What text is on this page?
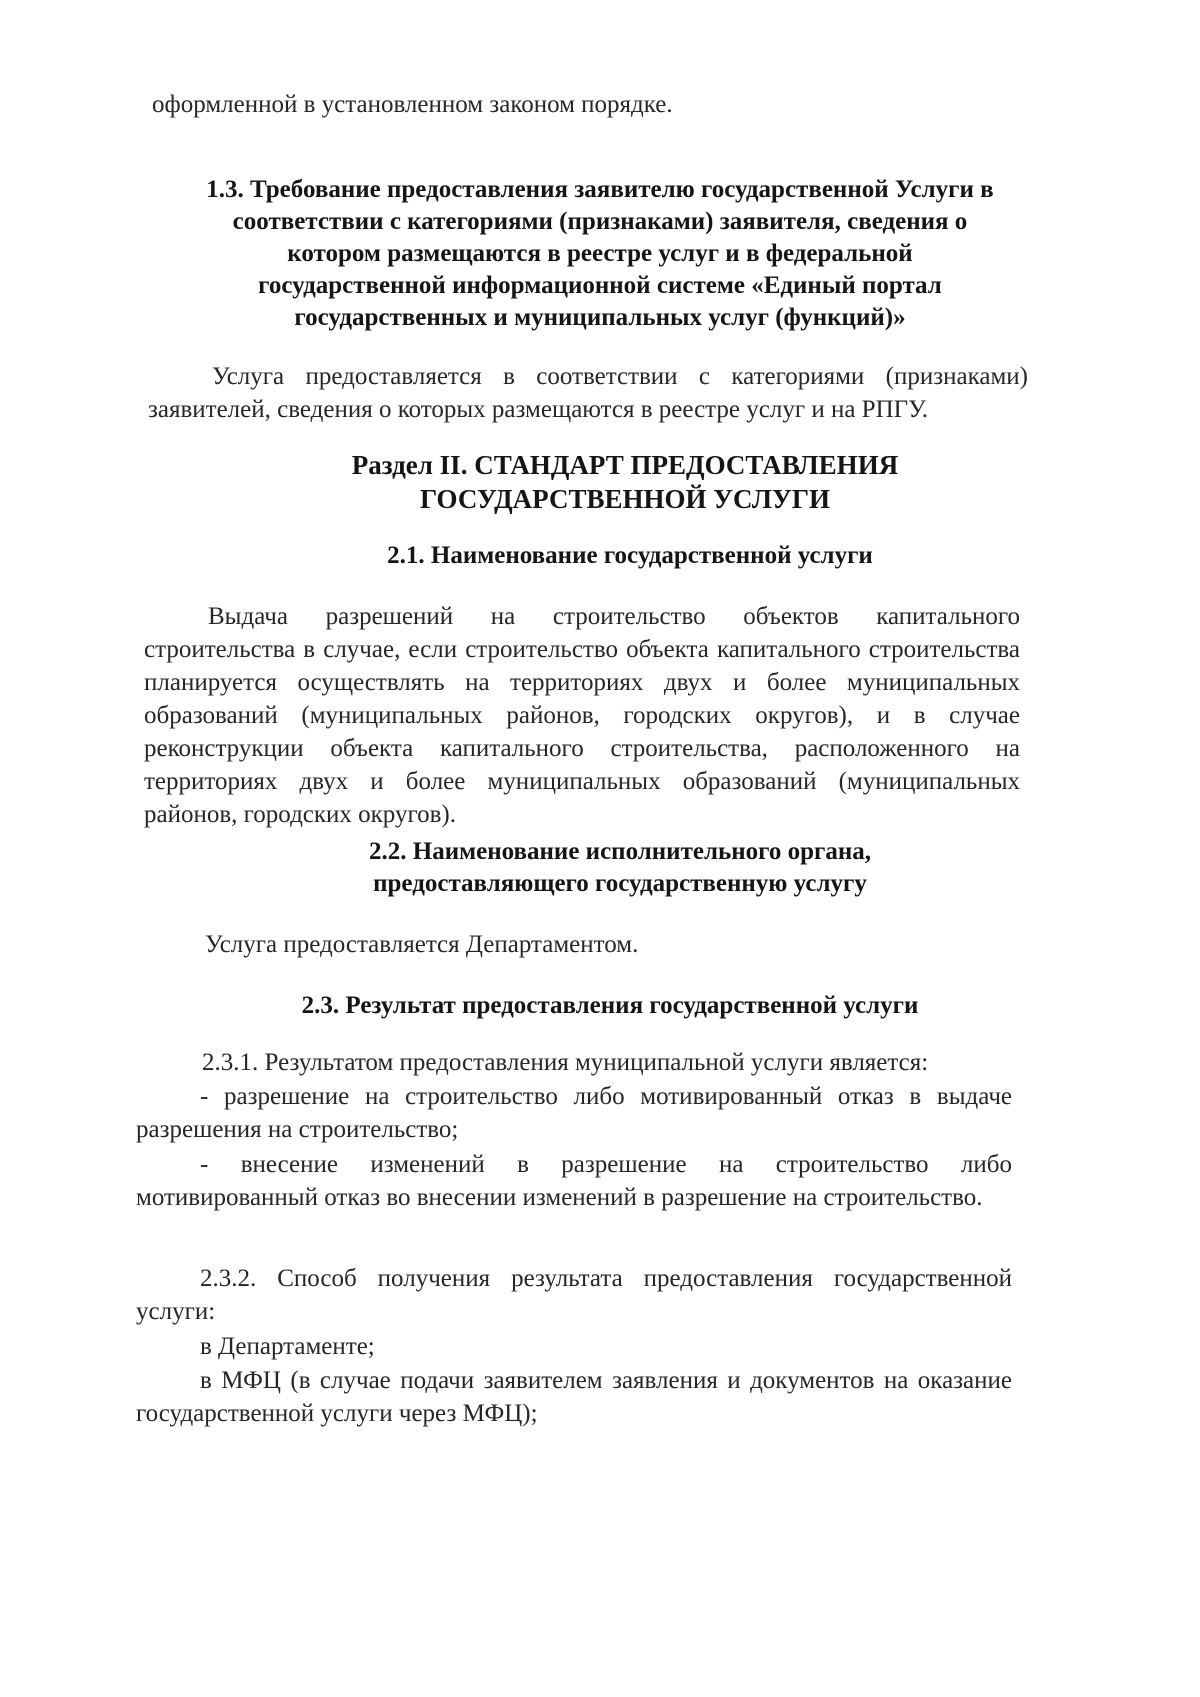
оформленной в установленном законом порядке.

1.3. Требование предоставления заявителю государственной Услуги в соответствии с категориями (признаками) заявителя, сведения о котором размещаются в реестре услуг и в федеральной государственной информационной системе «Единый портал государственных и муниципальных услуг (функций)»

Услуга предоставляется в соответствии с категориями (признаками) заявителей, сведения о которых размещаются в реестре услуг и на РПГУ.

Раздел II. СТАНДАРТ ПРЕДОСТАВЛЕНИЯ
ГОСУДАРСТВЕННОЙ УСЛУГИ

2.1. Наименование государственной услуги

Выдача разрешений на строительство объектов капитального строительства в случае, если строительство объекта капитального строительства планируется осуществлять на территориях двух и более муниципальных образований (муниципальных районов, городских округов), и в случае реконструкции объекта капитального строительства, расположенного на территориях двух и более муниципальных образований (муниципальных районов, городских округов).

2.2. Наименование исполнительного органа,
предоставляющего государственную услугу

Услуга предоставляется Департаментом.

2.3. Результат предоставления государственной услуги

2.3.1. Результатом предоставления муниципальной услуги является:

- разрешение на строительство либо мотивированный отказ в выдаче разрешения на строительство;

- внесение изменений в разрешение на строительство либо мотивированный отказ во внесении изменений в разрешение на строительство.

2.3.2. Способ получения результата предоставления государственной услуги:

в Департаменте;

в МФЦ (в случае подачи заявителем заявления и документов на оказание государственной услуги через МФЦ);
